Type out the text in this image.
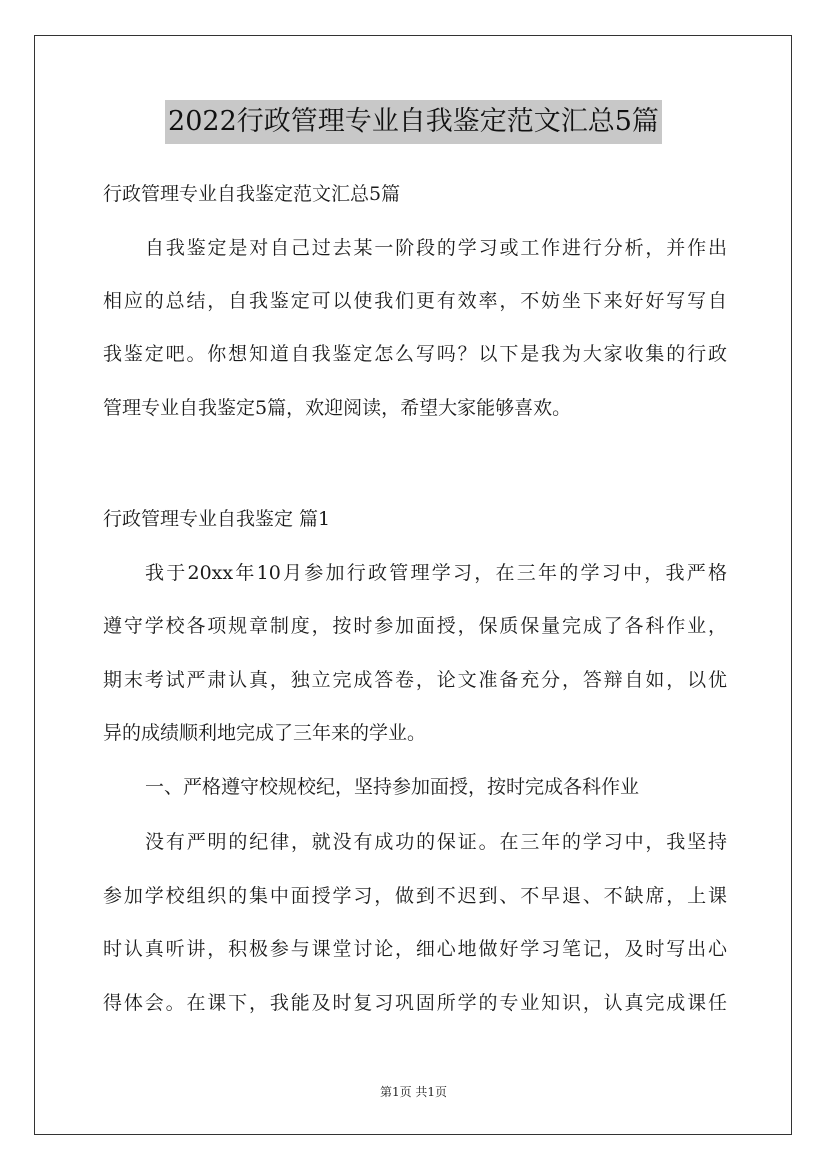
2022行政管理专业自我鉴定范文汇总5篇
行政管理专业自我鉴定范文汇总5篇
自我鉴定是对自己过去某一阶段的学习或工作进行分析，并作出
相应的总结，自我鉴定可以使我们更有效率，不妨坐下来好好写写自
我鉴定吧。你想知道自我鉴定怎么写吗？以下是我为大家收集的行政
管理专业自我鉴定5篇，欢迎阅读，希望大家能够喜欢。
行政管理专业自我鉴定 篇1
我于20xx年10月参加行政管理学习，在三年的学习中，我严格
遵守学校各项规章制度，按时参加面授，保质保量完成了各科作业，
期末考试严肃认真，独立完成答卷，论文准备充分，答辩自如，以优
异的成绩顺利地完成了三年来的学业。
一、严格遵守校规校纪，坚持参加面授，按时完成各科作业
没有严明的纪律，就没有成功的保证。在三年的学习中，我坚持
参加学校组织的集中面授学习，做到不迟到、不早退、不缺席，上课
时认真听讲，积极参与课堂讨论，细心地做好学习笔记，及时写出心
得体会。在课下，我能及时复习巩固所学的专业知识，认真完成课任
第1页 共1页
